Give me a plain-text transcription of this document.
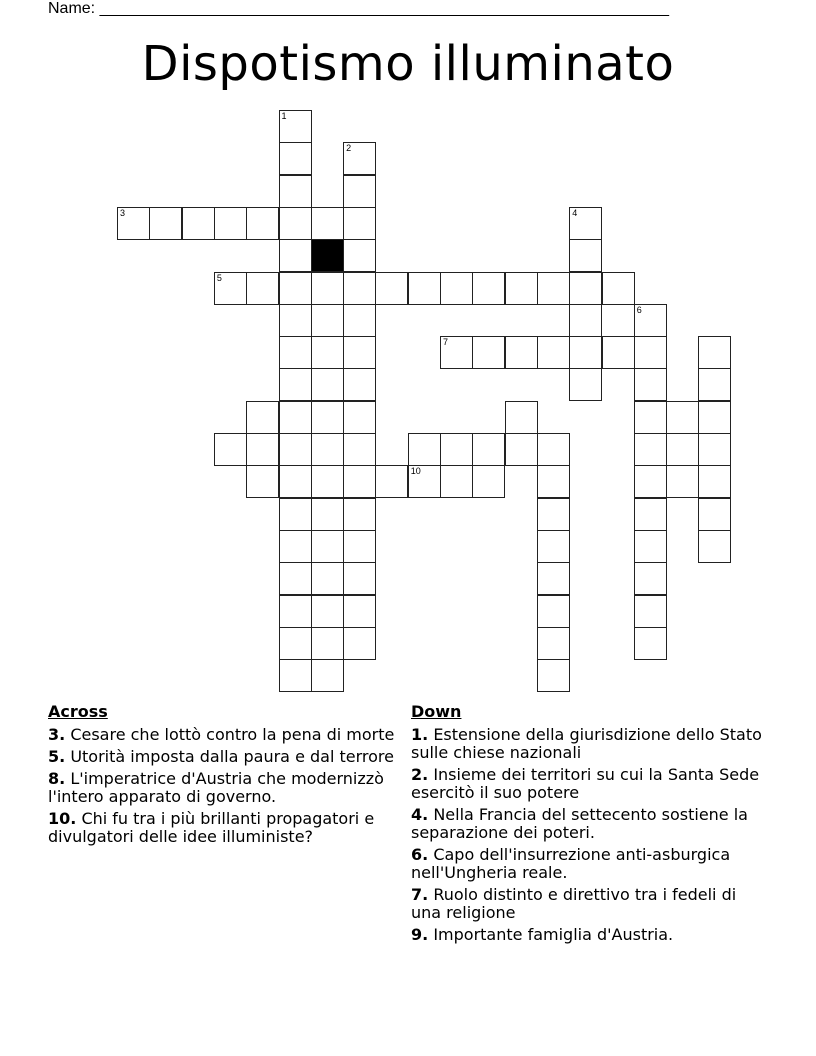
Name: ________________________________________________________________
Dispotismo illuminato
1
2
3
5
4
10
6
7
Across
3. Cesare che lottò contro la pena di morte
5. Utorità imposta dalla paura e dal terrore
8. L'imperatrice d'Austria che modernizzò l'intero apparato di governo.
10. Chi fu tra i più brillanti propagatori e divulgatori delle idee illuministe?
Down
1. Estensione della giurisdizione dello Stato sulle chiese nazionali
2. Insieme dei territori su cui la Santa Sede esercitò il suo potere
4. Nella Francia del settecento sostiene la separazione dei poteri.
6. Capo dell'insurrezione anti-asburgica nell'Ungheria reale.
7. Ruolo distinto e direttivo tra i fedeli di una religione
9. Importante famiglia d'Austria.
